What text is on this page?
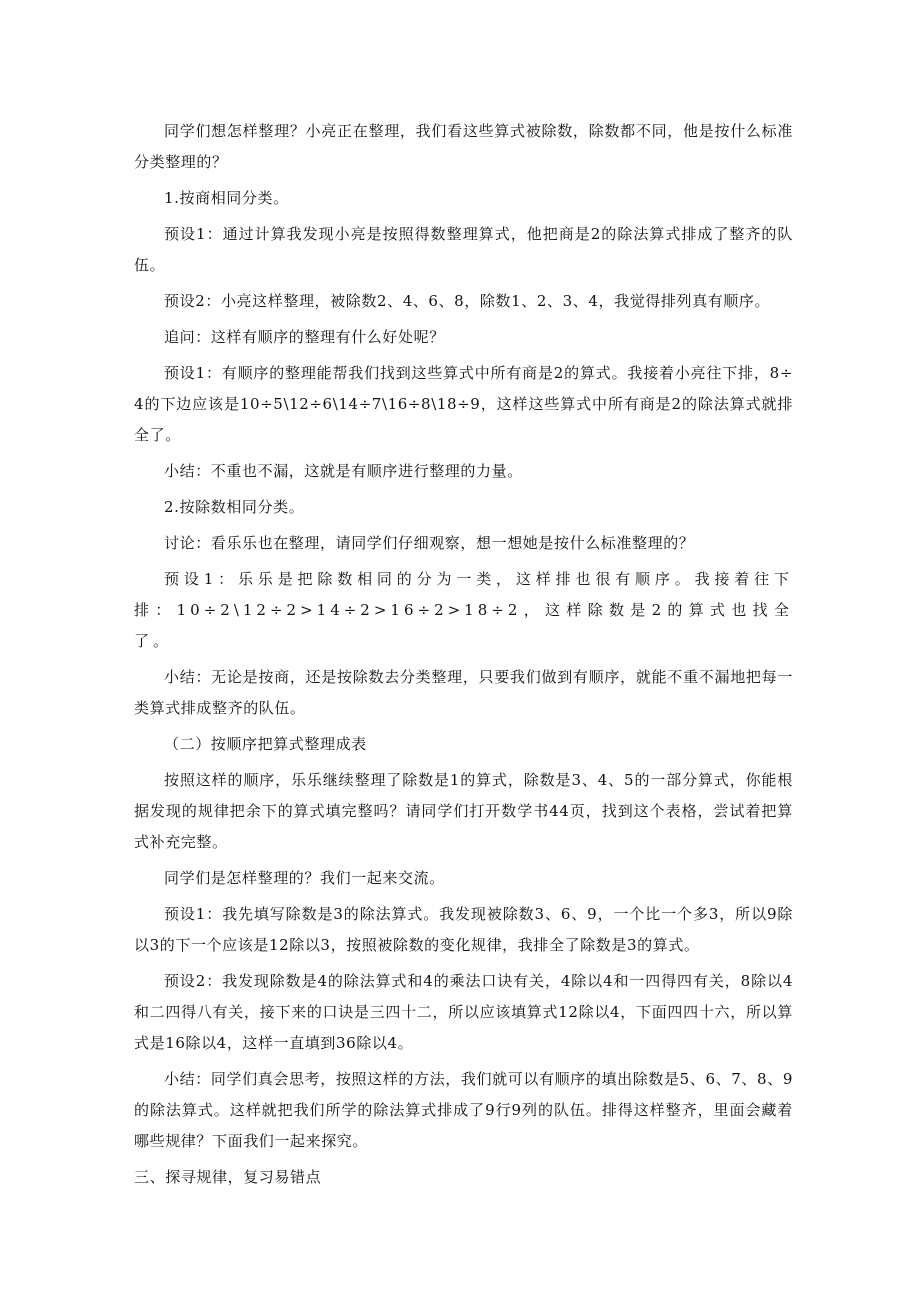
同学们想怎样整理？小亮正在整理，我们看这些算式被除数，除数都不同，他是按什么标准分类整理的？

1.按商相同分类。

预设1：通过计算我发现小亮是按照得数整理算式，他把商是2的除法算式排成了整齐的队伍。

预设2：小亮这样整理，被除数2、4、6、8，除数1、2、3、4，我觉得排列真有顺序。

追问：这样有顺序的整理有什么好处呢？

预设1：有顺序的整理能帮我们找到这些算式中所有商是2的算式。我接着小亮往下排，8÷4的下边应该是10÷5\12÷6\14÷7\16÷8\18÷9，这样这些算式中所有商是2的除法算式就排全了。

小结：不重也不漏，这就是有顺序进行整理的力量。

2.按除数相同分类。

讨论：看乐乐也在整理，请同学们仔细观察，想一想她是按什么标准整理的？

预设1：乐乐是把除数相同的分为一类，这样排也很有顺序。我接着往下排：10÷2\12÷2>14÷2>16÷2>18÷2，这样除数是2的算式也找全了。

小结：无论是按商，还是按除数去分类整理，只要我们做到有顺序，就能不重不漏地把每一类算式排成整齐的队伍。

（二）按顺序把算式整理成表

按照这样的顺序，乐乐继续整理了除数是1的算式，除数是3、4、5的一部分算式，你能根据发现的规律把余下的算式填完整吗？请同学们打开数学书44页，找到这个表格，尝试着把算式补充完整。

同学们是怎样整理的？我们一起来交流。

预设1：我先填写除数是3的除法算式。我发现被除数3、6、9，一个比一个多3，所以9除以3的下一个应该是12除以3，按照被除数的变化规律，我排全了除数是3的算式。

预设2：我发现除数是4的除法算式和4的乘法口诀有关，4除以4和一四得四有关，8除以4和二四得八有关，接下来的口诀是三四十二，所以应该填算式12除以4，下面四四十六，所以算式是16除以4，这样一直填到36除以4。

小结：同学们真会思考，按照这样的方法，我们就可以有顺序的填出除数是5、6、7、8、9的除法算式。这样就把我们所学的除法算式排成了9行9列的队伍。排得这样整齐，里面会藏着哪些规律？下面我们一起来探究。

三、探寻规律，复习易错点
